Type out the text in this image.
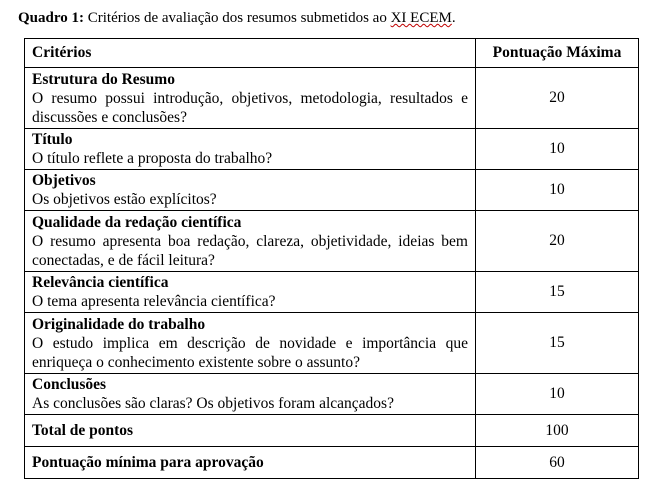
Quadro 1: Critérios de avaliação dos resumos submetidos ao XI ECEM.
Critérios	Pontuação Máxima

Estrutura do Resumo
O resumo possui introdução, objetivos, metodologia, resultados e discussões e conclusões?	20

Título
O título reflete a proposta do trabalho?	10

Objetivos
Os objetivos estão explícitos?	10

Qualidade da redação científica
O resumo apresenta boa redação, clareza, objetividade, ideias bem conectadas, e de fácil leitura?	20

Relevância científica
O tema apresenta relevância científica?	15

Originalidade do trabalho
O estudo implica em descrição de novidade e importância que enriqueça o conhecimento existente sobre o assunto?	15

Conclusões
As conclusões são claras? Os objetivos foram alcançados?	10
Total de pontos	100
Pontuação mínima para aprovação	60
